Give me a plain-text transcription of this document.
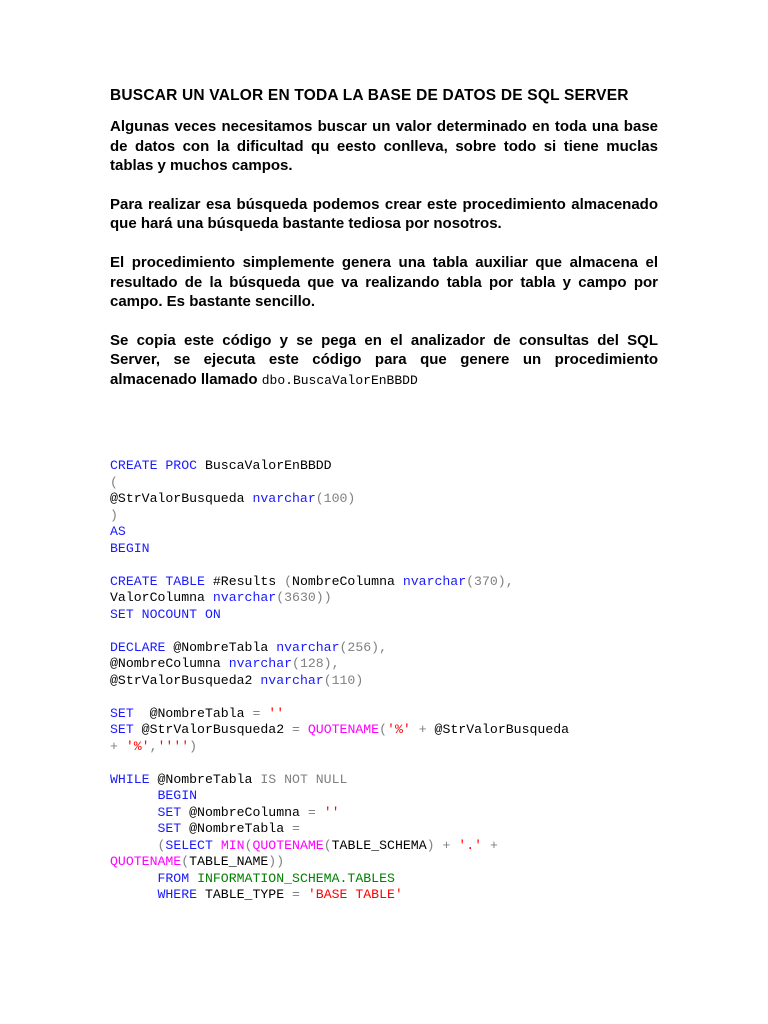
BUSCAR UN VALOR EN TODA LA BASE DE DATOS DE SQL SERVER

Algunas veces necesitamos buscar un valor determinado en toda una base de datos con la dificultad qu eesto conlleva, sobre todo si tiene muclas tablas y muchos campos.

Para realizar esa búsqueda podemos crear este procedimiento almacenado que hará una búsqueda bastante tediosa por nosotros.

El procedimiento simplemente genera una tabla auxiliar que almacena el resultado de la búsqueda que va realizando tabla por tabla y campo por campo. Es bastante sencillo.

Se copia este código y se pega en el analizador de consultas del SQL Server, se ejecuta este código para que genere un procedimiento almacenado llamado dbo.BuscaValorEnBBDD

CREATE PROC BuscaValorEnBBDD
(
@StrValorBusqueda nvarchar(100)
)
AS
BEGIN
CREATE TABLE #Results (NombreColumna nvarchar(370),
ValorColumna nvarchar(3630))
SET NOCOUNT ON
DECLARE @NombreTabla nvarchar(256),
@NombreColumna nvarchar(128),
@StrValorBusqueda2 nvarchar(110)
SET  @NombreTabla = ''
SET @StrValorBusqueda2 = QUOTENAME('%' + @StrValorBusqueda
+ '%','''')
WHILE @NombreTabla IS NOT NULL
BEGIN
SET @NombreColumna = ''
SET @NombreTabla =
(SELECT MIN(QUOTENAME(TABLE_SCHEMA) + '.' +
QUOTENAME(TABLE_NAME))
FROM INFORMATION_SCHEMA.TABLES
WHERE TABLE_TYPE = 'BASE TABLE'
